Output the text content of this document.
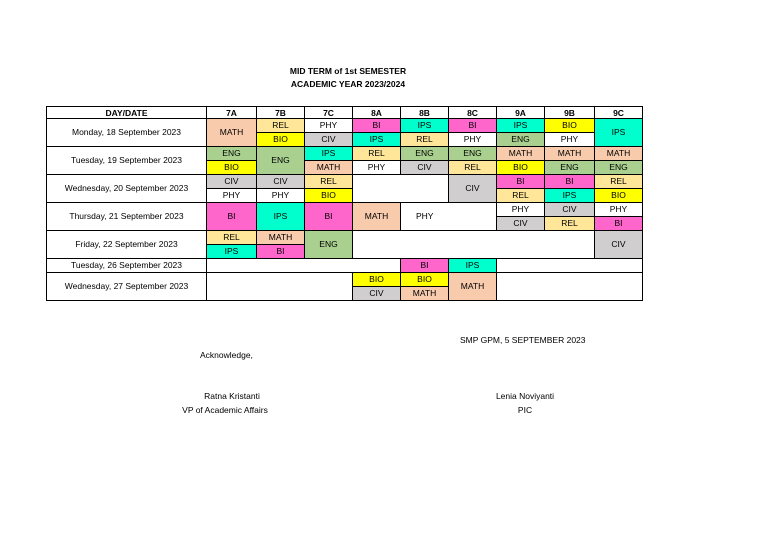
MID TERM of 1st SEMESTER
ACADEMIC YEAR 2023/2024
DAY/DATE	7A	7B	7C	8A	8B	8C	9A	9B	9C
Monday, 18 September 2023	MATH	REL	PHY	BI	IPS	BI	IPS	BIO	IPS
		BIO	CIV	IPS	REL	PHY	ENG	PHY	
Tuesday, 19 September 2023	ENG	ENG	IPS	REL	ENG	ENG	MATH	MATH	MATH
	BIO		MATH	PHY	CIV	REL	BIO	ENG	ENG
Wednesday, 20 September 2023	CIV	CIV	REL			CIV	BI	BI	REL
	PHY	PHY	BIO				REL	IPS	BIO
Thursday, 21 September 2023	BI	IPS	BI	MATH	PHY		PHY	CIV	PHY
							CIV	REL	BI
Friday, 22 September 2023	REL	MATH	ENG						CIV
	IPS	BI							
Tuesday, 26 September 2023					BI	IPS			

Wednesday, 27 September 2023				BIO	BIO	MATH			
				CIV	MATH				
SMP GPM, 5 SEPTEMBER 2023
Acknowledge,
Ratna Kristanti
VP of Academic Affairs
Lenia Noviyanti
PIC
